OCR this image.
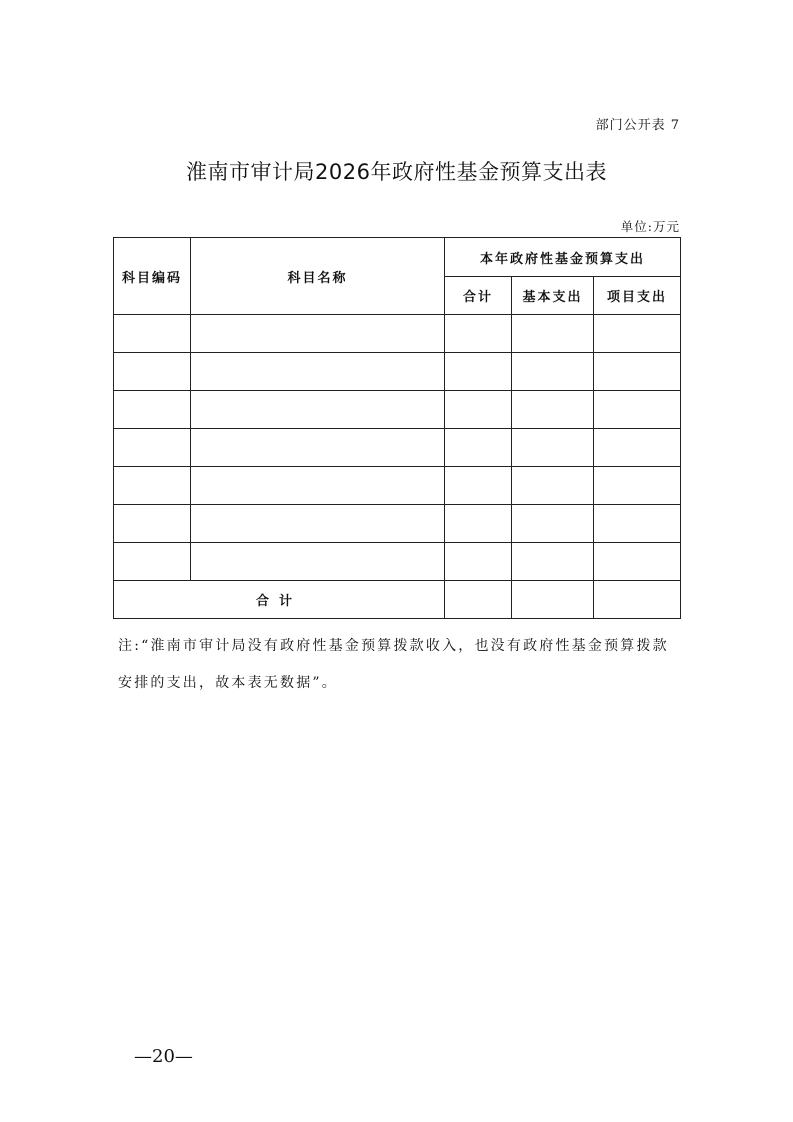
部门公开表 7
淮南市审计局2026年政府性基金预算支出表
单位:万元
科目编码	科目名称	本年政府性基金预算支出		
		合计	基本支出	项目支出

合计				
注:“淮南市审计局没有政府性基金预算拨款收入，也没有政府性基金预算拨款安排的支出，故本表无数据”。
—20—
